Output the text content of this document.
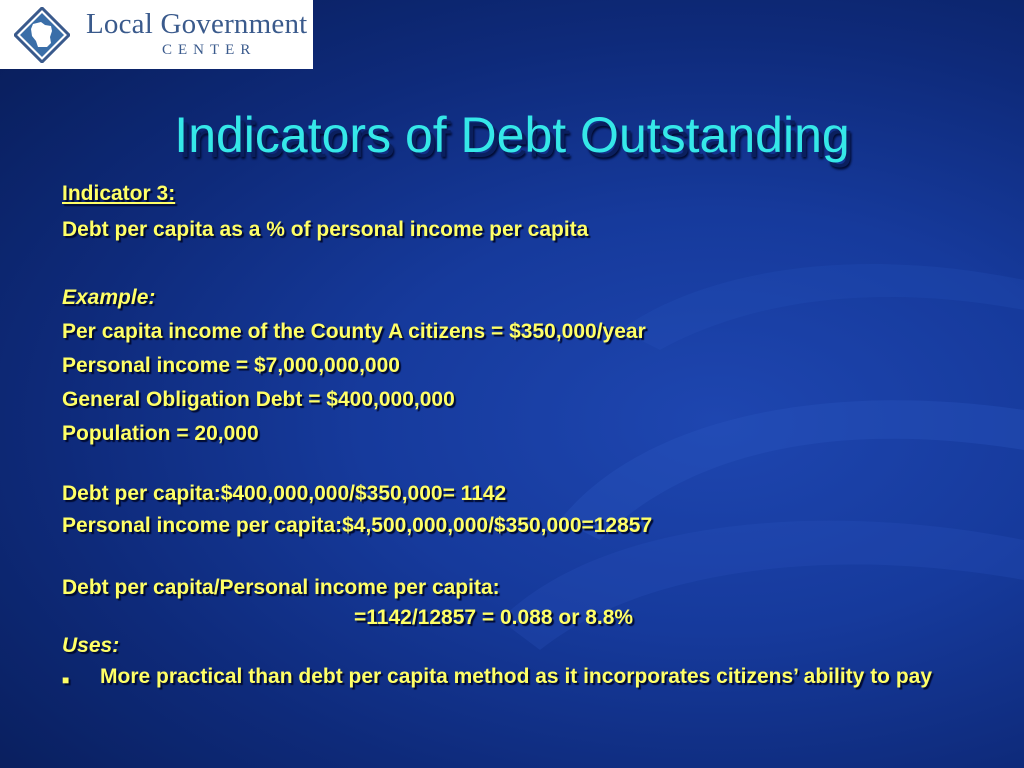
Local Government
CENTER
Indicators of Debt Outstanding
Indicator 3:
Debt per capita as a % of personal income per capita
Example:
Per capita income of the County A citizens = $350,000/year
Personal income = $7,000,000,000
General Obligation Debt = $400,000,000
Population = 20,000
Debt per capita:$400,000,000/$350,000= 1142
Personal income per capita:$4,500,000,000/$350,000=12857
Debt per capita/Personal income per capita:
=1142/12857 = 0.088 or 8.8%
Uses:
■ More practical than debt per capita method as it incorporates citizens’ ability to pay
